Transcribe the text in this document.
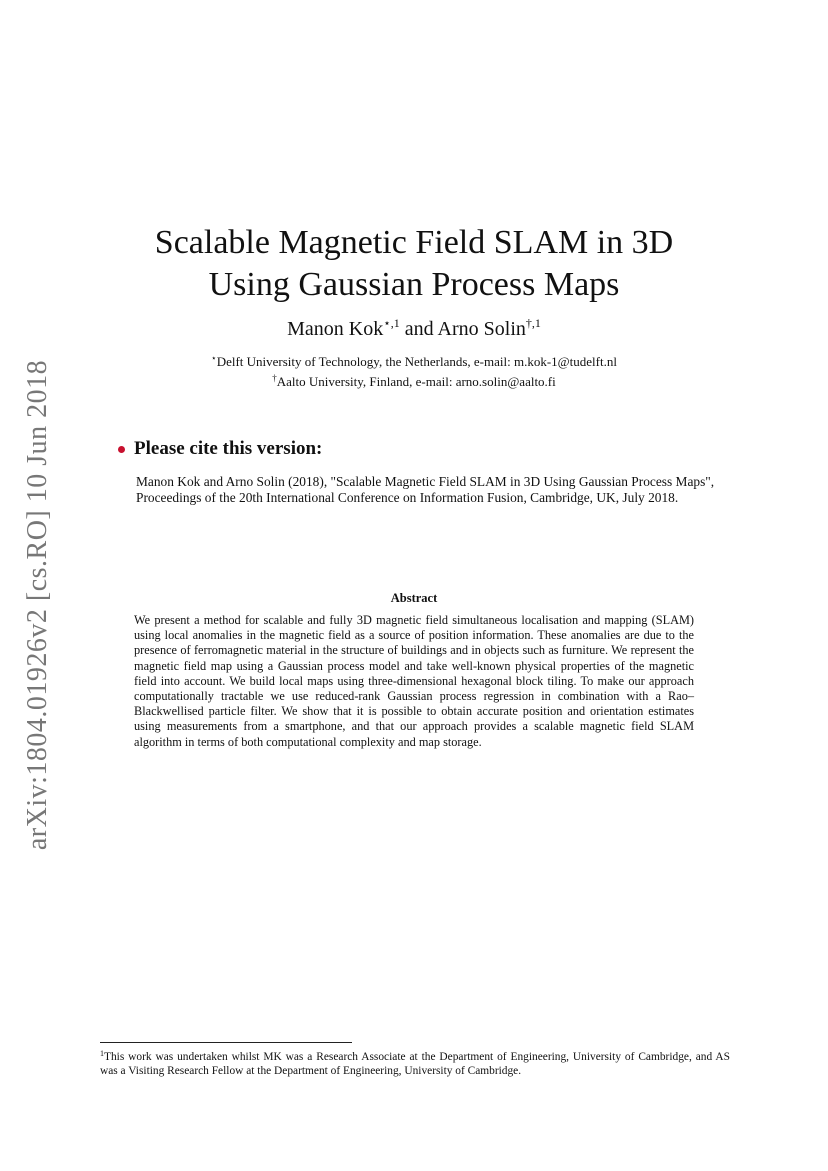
arXiv:1804.01926v2 [cs.RO] 10 Jun 2018
Scalable Magnetic Field SLAM in 3D
Using Gaussian Process Maps
Manon Kok$^{⋆,1}$ and Arno Solin$^{\dagger,1}$
⋆Delft University of Technology, the Netherlands, e-mail: m.kok-1@tudelft.nl
†Aalto University, Finland, e-mail: arno.solin@aalto.fi
Please cite this version:
Manon Kok and Arno Solin (2018), "Scalable Magnetic Field SLAM in 3D Using Gaussian Process Maps", Proceedings of the 20th International Conference on Information Fusion, Cambridge, UK, July 2018.
Abstract
We present a method for scalable and fully 3D magnetic field simultaneous localisation and mapping (SLAM) using local anomalies in the magnetic field as a source of position information. These anomalies are due to the presence of ferromagnetic material in the structure of buildings and in objects such as furniture. We represent the magnetic field map using a Gaussian process model and take well-known physical properties of the magnetic field into account. We build local maps using three-dimensional hexagonal block tiling. To make our approach computationally tractable we use reduced-rank Gaussian process regression in combination with a Rao–Blackwellised particle filter. We show that it is possible to obtain accurate position and orientation estimates using measurements from a smartphone, and that our approach provides a scalable magnetic field SLAM algorithm in terms of both computational complexity and map storage.
$^1$This work was undertaken whilst MK was a Research Associate at the Department of Engineering, University of Cambridge, and AS was a Visiting Research Fellow at the Department of Engineering, University of Cambridge.
